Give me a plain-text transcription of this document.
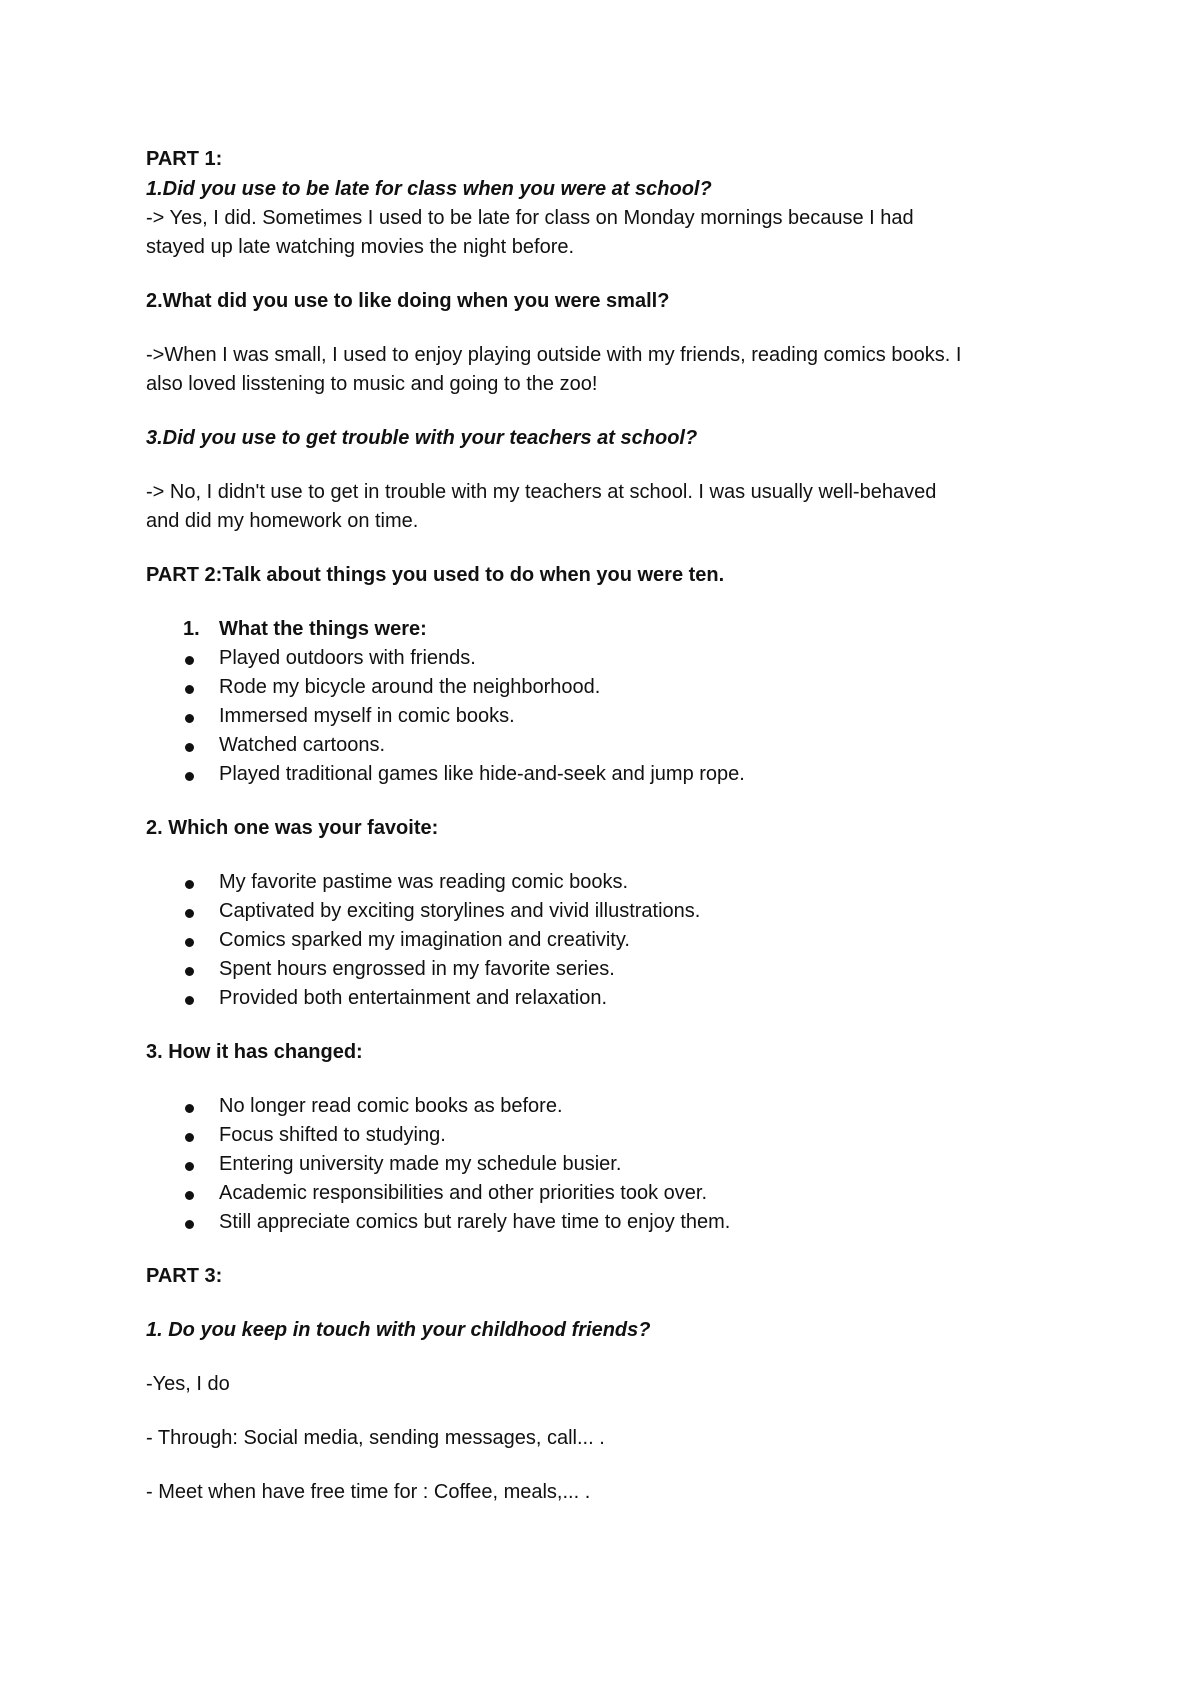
PART 1:
1.Did you use to be late for class when you were at school?
-> Yes, I did. Sometimes I used to be late for class on Monday mornings because I had
stayed up late watching movies the night before.
2.What did you use to like doing when you were small?
->When I was small, I used to enjoy playing outside with my friends, reading comics books. I
also loved lisstening to music and going to the zoo!
3.Did you use to get trouble with your teachers at school?
-> No, I didn't use to get in trouble with my teachers at school. I was usually well-behaved
and did my homework on time.
PART 2:Talk about things you used to do when you were ten.
1. What the things were:
Played outdoors with friends.
Rode my bicycle around the neighborhood.
Immersed myself in comic books.
Watched cartoons.
Played traditional games like hide-and-seek and jump rope.
2. Which one was your favoite:
My favorite pastime was reading comic books.
Captivated by exciting storylines and vivid illustrations.
Comics sparked my imagination and creativity.
Spent hours engrossed in my favorite series.
Provided both entertainment and relaxation.
3. How it has changed:
No longer read comic books as before.
Focus shifted to studying.
Entering university made my schedule busier.
Academic responsibilities and other priorities took over.
Still appreciate comics but rarely have time to enjoy them.
PART 3:
1. Do you keep in touch with your childhood friends?
-Yes, I do
- Through: Social media, sending messages, call... .
- Meet when have free time for : Coffee, meals,... .
